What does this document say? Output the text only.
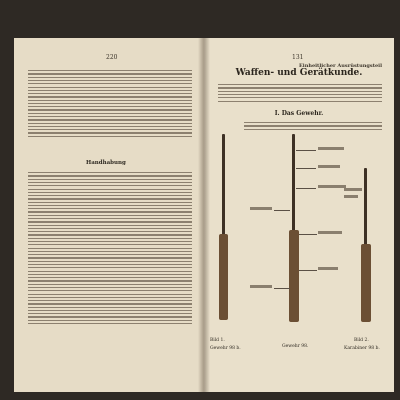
220
Handhabung
131
Einheitlicher Ausrüstungsteil
Waffen- und Gerätkunde.
I. Das Gewehr.
Bild 1.
Gewehr 98 b.	Gewehr 98.
Bild 2.
Karabiner 98 b.
